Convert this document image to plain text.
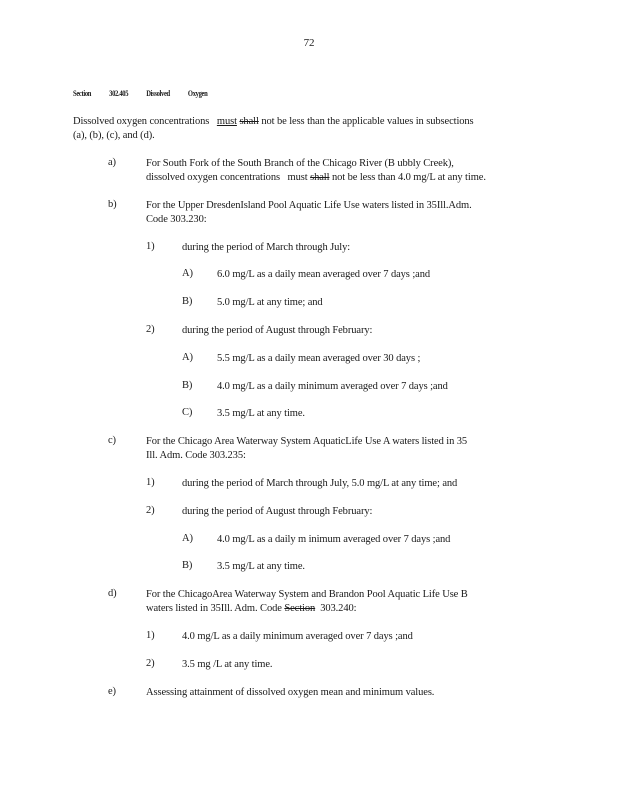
72
Section 302.405 Dissolved Oxygen
Dissolved oxygen concentrations must shall not be less than the applicable values in subsections
(a), (b), (c), and (d).
a)	For South Fork of the South Branch of the Chicago River (B ubbly Creek),
dissolved oxygen concentrations must shall not be less than 4.0 mg/L at any time.
b)	For the Upper DresdenIsland Pool Aquatic Life Use waters listed in 35Ill.Adm.
Code 303.230:
1)	during the period of March through July:
A) 6.0 mg/L as a daily mean averaged over 7 days ;and
B) 5.0 mg/L at any time; and
2)	during the period of August through February:
A) 5.5 mg/L as a daily mean averaged over 30 days ;
B) 4.0 mg/L as a daily minimum averaged over 7 days ;and
C) 3.5 mg/L at any time.
c)	For the Chicago Area Waterway System AquaticLife Use A waters listed in 35
Ill. Adm. Code 303.235:
1)	during the period of March through July, 5.0 mg/L at any time; and
2)	during the period of August through February:
A) 4.0 mg/L as a daily m inimum averaged over 7 days ;and
B) 3.5 mg/L at any time.
d)	For the ChicagoArea Waterway System and Brandon Pool Aquatic Life Use B
waters listed in 35Ill. Adm. Code Section 303.240:
1)	4.0 mg/L as a daily minimum averaged over 7 days ;and
2)	3.5 mg /L at any time.
e)	Assessing attainment of dissolved oxygen mean and minimum values.
